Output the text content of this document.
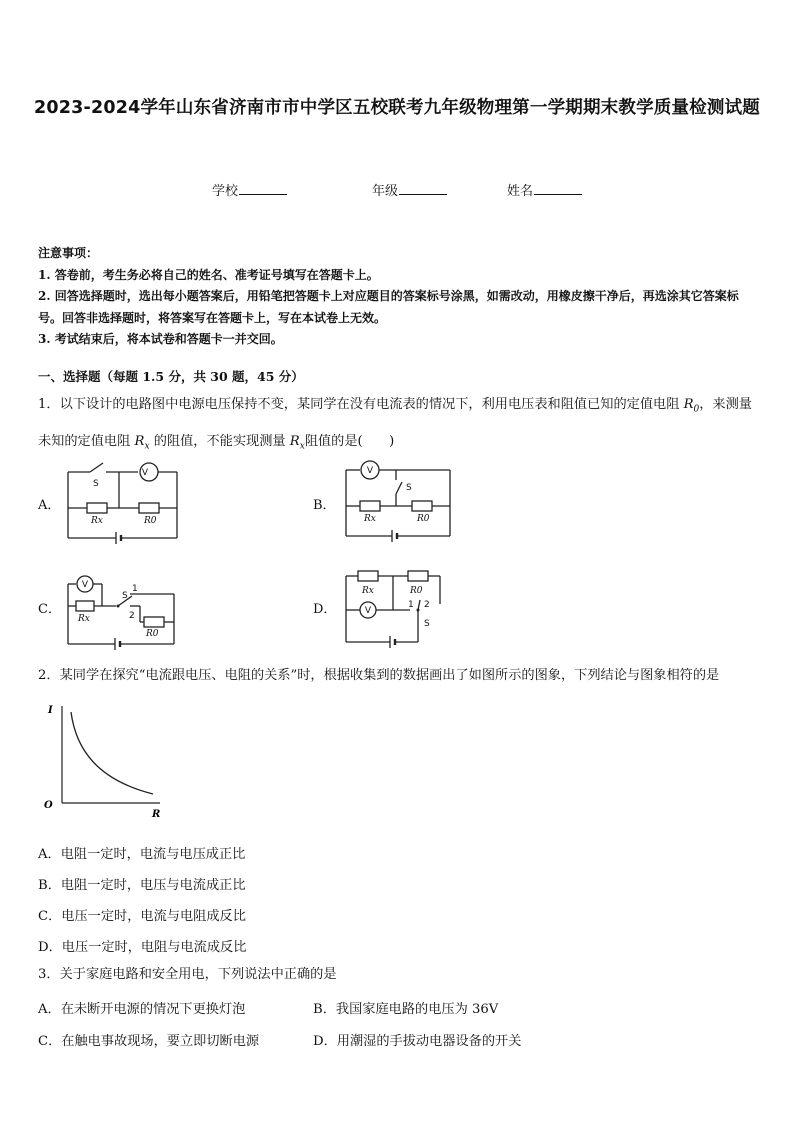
2023-2024学年山东省济南市市中学区五校联考九年级物理第一学期期末教学质量检测试题
学校	年级	姓名
注意事项：
1. 答卷前，考生务必将自己的姓名、准考证号填写在答题卡上。
2. 回答选择题时，选出每小题答案后，用铅笔把答题卡上对应题目的答案标号涂黑，如需改动，用橡皮擦干净后，再选涂其它答案标号。回答非选择题时，将答案写在答题卡上，写在本试卷上无效。
3. 考试结束后，将本试卷和答题卡一并交回。
一、选择题（每题 1.5 分，共 30 题，45 分）
1．以下设计的电路图中电源电压保持不变，某同学在没有电流表的情况下，利用电压表和阻值已知的定值电阻 $R_0$，来测量未知的定值电阻 $R_x$ 的阻值，不能实现测量 $R_x$阻值的是(　　)
A．	B．
C．	D．
V
S
Rx	R0
V
S
Rx	R0
V
S
1
2
Rx
R0
V
S
1 2
Rx	R0
2．某同学在探究“电流跟电压、电阻的关系”时，根据收集到的数据画出了如图所示的图象，下列结论与图象相符的是
I
O
R
A．电阻一定时，电流与电压成正比
B．电阻一定时，电压与电流成正比
C．电压一定时，电流与电阻成反比
D．电压一定时，电阻与电流成反比
3．关于家庭电路和安全用电，下列说法中正确的是
A．在未断开电源的情况下更换灯泡	B．我国家庭电路的电压为 36V
C．在触电事故现场，要立即切断电源	D．用潮湿的手拔动电器设备的开关
